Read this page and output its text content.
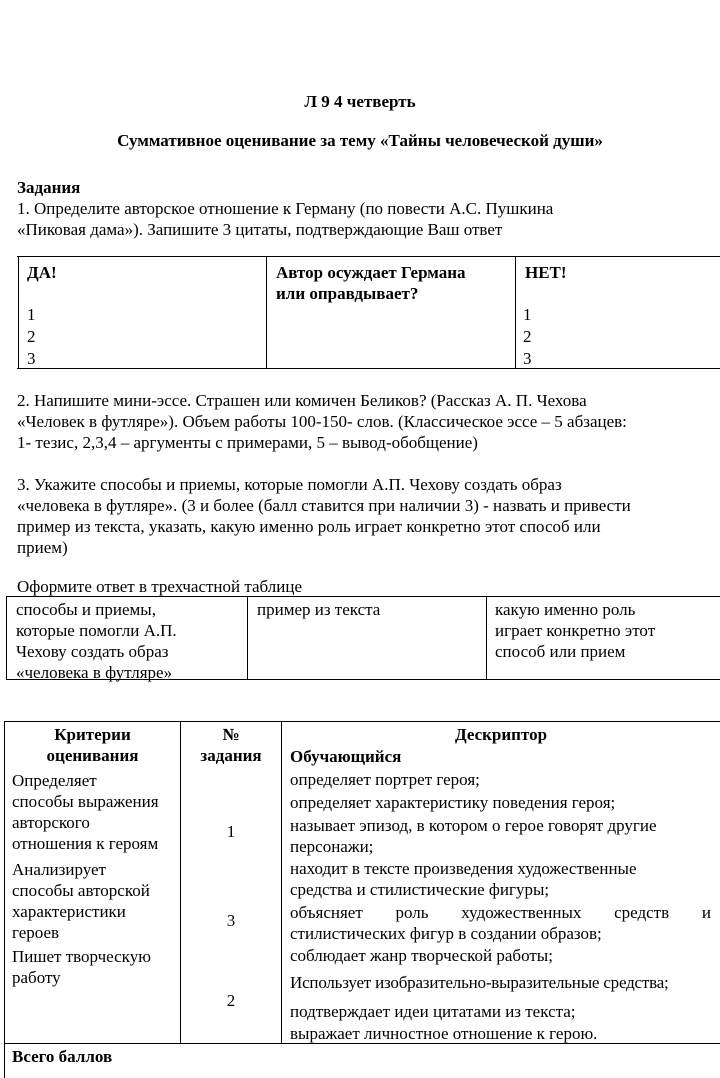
Л 9 4 четверть
Суммативное оценивание за тему «Тайны человеческой души»
Задания

1. Определите авторское отношение к Герману (по повести А.С. Пушкина

«Пиковая дама»). Запишите 3 цитаты, подтверждающие Ваш ответ

ДА!	Автор осуждает Германа

или оправдывает?

НЕТ!
1
2
3
1
2
3

2. Напишите мини-эссе. Страшен или комичен Беликов? (Рассказ А. П. Чехова

«Человек в футляре»). Объем работы 100-150- слов. (Классическое эссе – 5 абзацев:

1- тезис, 2,3,4 – аргументы с примерами, 5 – вывод-обобщение)

3. Укажите способы и приемы, которые помогли А.П. Чехову создать образ

«человека в футляре». (3 и более (балл ставится при наличии 3) - назвать и привести

пример из текста, указать, какую именно роль играет конкретно этот способ или

прием)

Оформите ответ в трехчастной таблице

способы и приемы,

которые помогли А.П.

Чехову создать образ

«человека в футляре»

пример из текста	какую именно роль

играет конкретно этот

способ или прием

Критерии

оценивания

№

задания

Дескриптор
Обучающийся

Определяет

способы выражения

авторского

отношения к героям

1

определяет портрет героя;

определяет характеристику поведения героя;

называет эпизод, в котором о герое говорят другие

персонажи;

Анализирует

способы авторской

характеристики

героев

3

находит в тексте произведения художественные

средства и стилистические фигуры;

объясняет роль художественных средств и

стилистических фигур в создании образов;

Пишет творческую

работу

2

соблюдает жанр творческой работы;

Использует изобразительно-выразительные средства;

подтверждает идеи цитатами из текста;

выражает личностное отношение к герою.

Всего баллов
